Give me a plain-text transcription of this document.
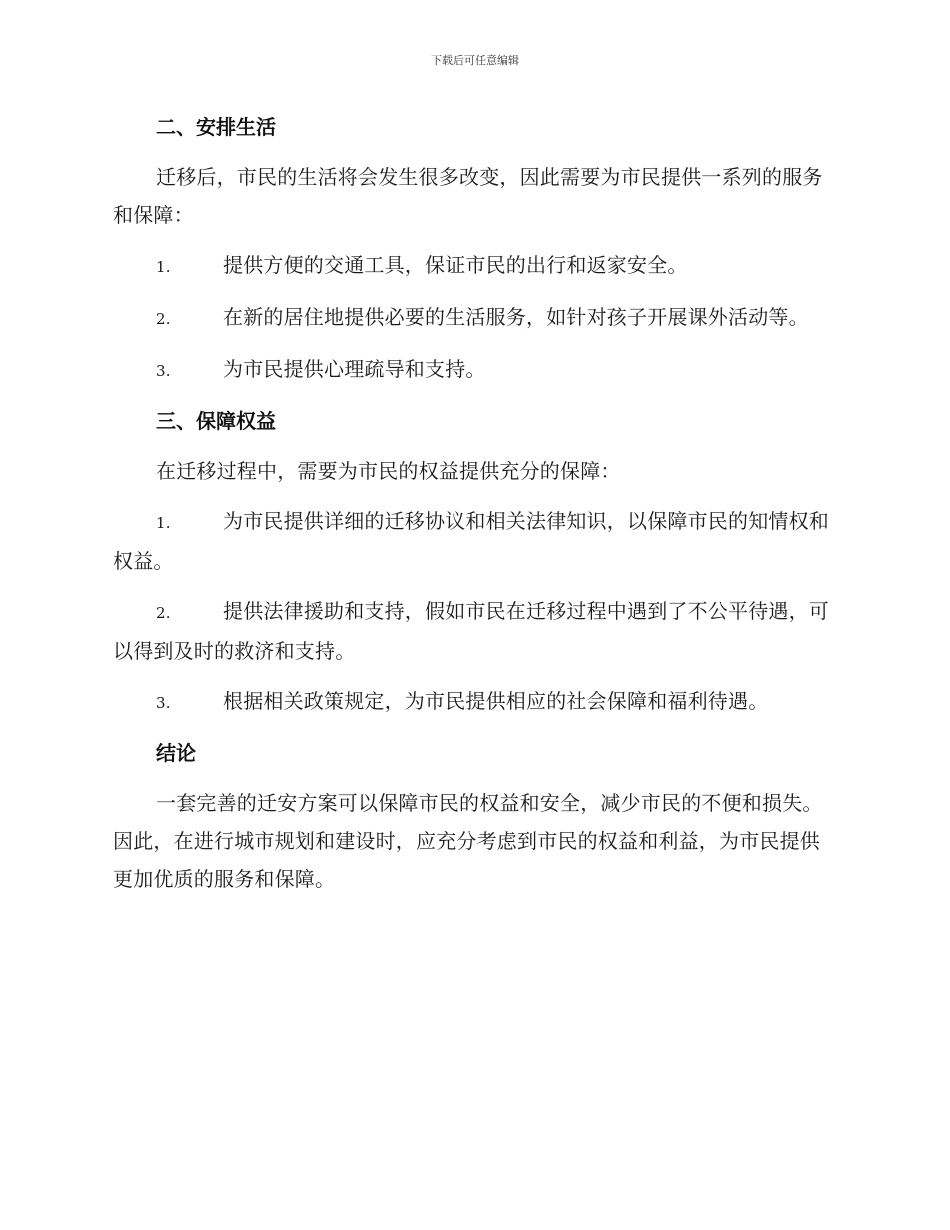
下载后可任意编辑
二、安排生活

迁移后，市民的生活将会发生很多改变，因此需要为市民提供一系列的服务和保障：

1.	提供方便的交通工具，保证市民的出行和返家安全。

2.	在新的居住地提供必要的生活服务，如针对孩子开展课外活动等。

3.	为市民提供心理疏导和支持。

三、保障权益

在迁移过程中，需要为市民的权益提供充分的保障：

1.	为市民提供详细的迁移协议和相关法律知识，以保障市民的知情权和权益。

2.	提供法律援助和支持，假如市民在迁移过程中遇到了不公平待遇，可以得到及时的救济和支持。

3.	根据相关政策规定，为市民提供相应的社会保障和福利待遇。

结论

一套完善的迁安方案可以保障市民的权益和安全，减少市民的不便和损失。因此，在进行城市规划和建设时，应充分考虑到市民的权益和利益，为市民提供更加优质的服务和保障。
